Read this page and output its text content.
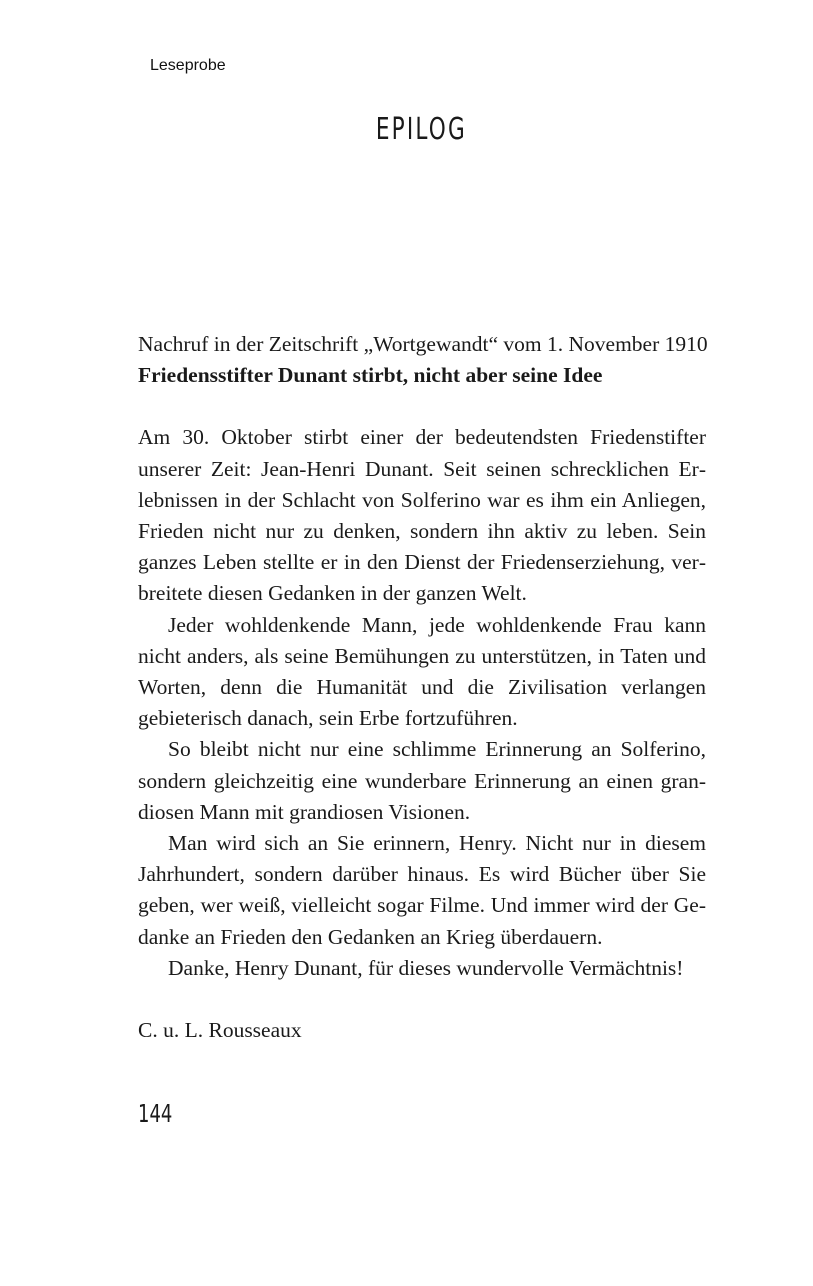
Leseprobe
EPILOG

Nachruf in der Zeitschrift „Wortgewandt“ vom 1. November 1910

Friedensstifter Dunant stirbt, nicht aber seine Idee

Am 30. Oktober stirbt einer der bedeutendsten Friedenstifter unserer Zeit: Jean-Henri Dunant. Seit seinen schrecklichen Erlebnissen in der Schlacht von Solferino war es ihm ein Anliegen, Frieden nicht nur zu denken, sondern ihn aktiv zu leben. Sein ganzes Leben stellte er in den Dienst der Friedenserziehung, verbreitete diesen Gedanken in der ganzen Welt.

Jeder wohldenkende Mann, jede wohldenkende Frau kann nicht anders, als seine Bemühungen zu unterstützen, in Taten und Worten, denn die Humanität und die Zivilisation verlangen gebieterisch danach, sein Erbe fortzuführen.

So bleibt nicht nur eine schlimme Erinnerung an Solferino, sondern gleichzeitig eine wunderbare Erinnerung an einen grandiosen Mann mit grandiosen Visionen.

Man wird sich an Sie erinnern, Henry. Nicht nur in diesem Jahrhundert, sondern darüber hinaus. Es wird Bücher über Sie geben, wer weiß, vielleicht sogar Filme. Und immer wird der Gedanke an Frieden den Gedanken an Krieg überdauern.

Danke, Henry Dunant, für dieses wundervolle Vermächtnis!

C. u. L. Rousseaux

144
